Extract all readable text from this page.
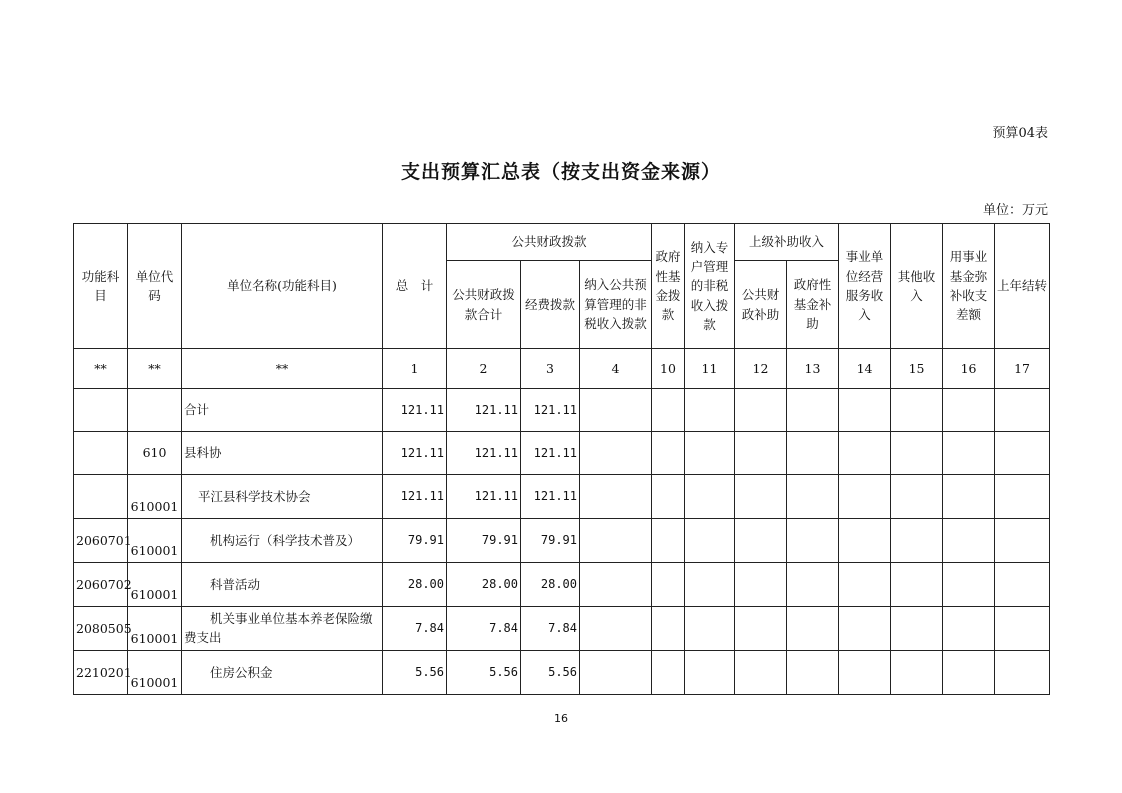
预算04表
支出预算汇总表（按支出资金来源）
单位：万元
功能科目	单位代码	单位名称(功能科目)	总　计	公共财政拨款			政府性基金拨款	纳入专户管理的非税收入拨款	上级补助收入		事业单位经营服务收入	其他收入	用事业基金弥补收支差额	上年结转
				公共财政拨款合计	经费拨款	纳入公共预算管理的非税收入拨款			公共财政补助	政府性基金补助				
**	**	**	1	2	3	4	10	11	12	13	14	15	16	17
		合计	121.11	121.11	121.11									
	610	县科协	121.11	121.11	121.11									
	610001	平江县科学技术协会	121.11	121.11	121.11									
2060701	610001	机构运行（科学技术普及）	79.91	79.91	79.91									
2060702	610001	科普活动	28.00	28.00	28.00									
2080505	610001	机关事业单位基本养老保险缴费支出	7.84	7.84	7.84									
2210201	610001	住房公积金	5.56	5.56	5.56									
16
